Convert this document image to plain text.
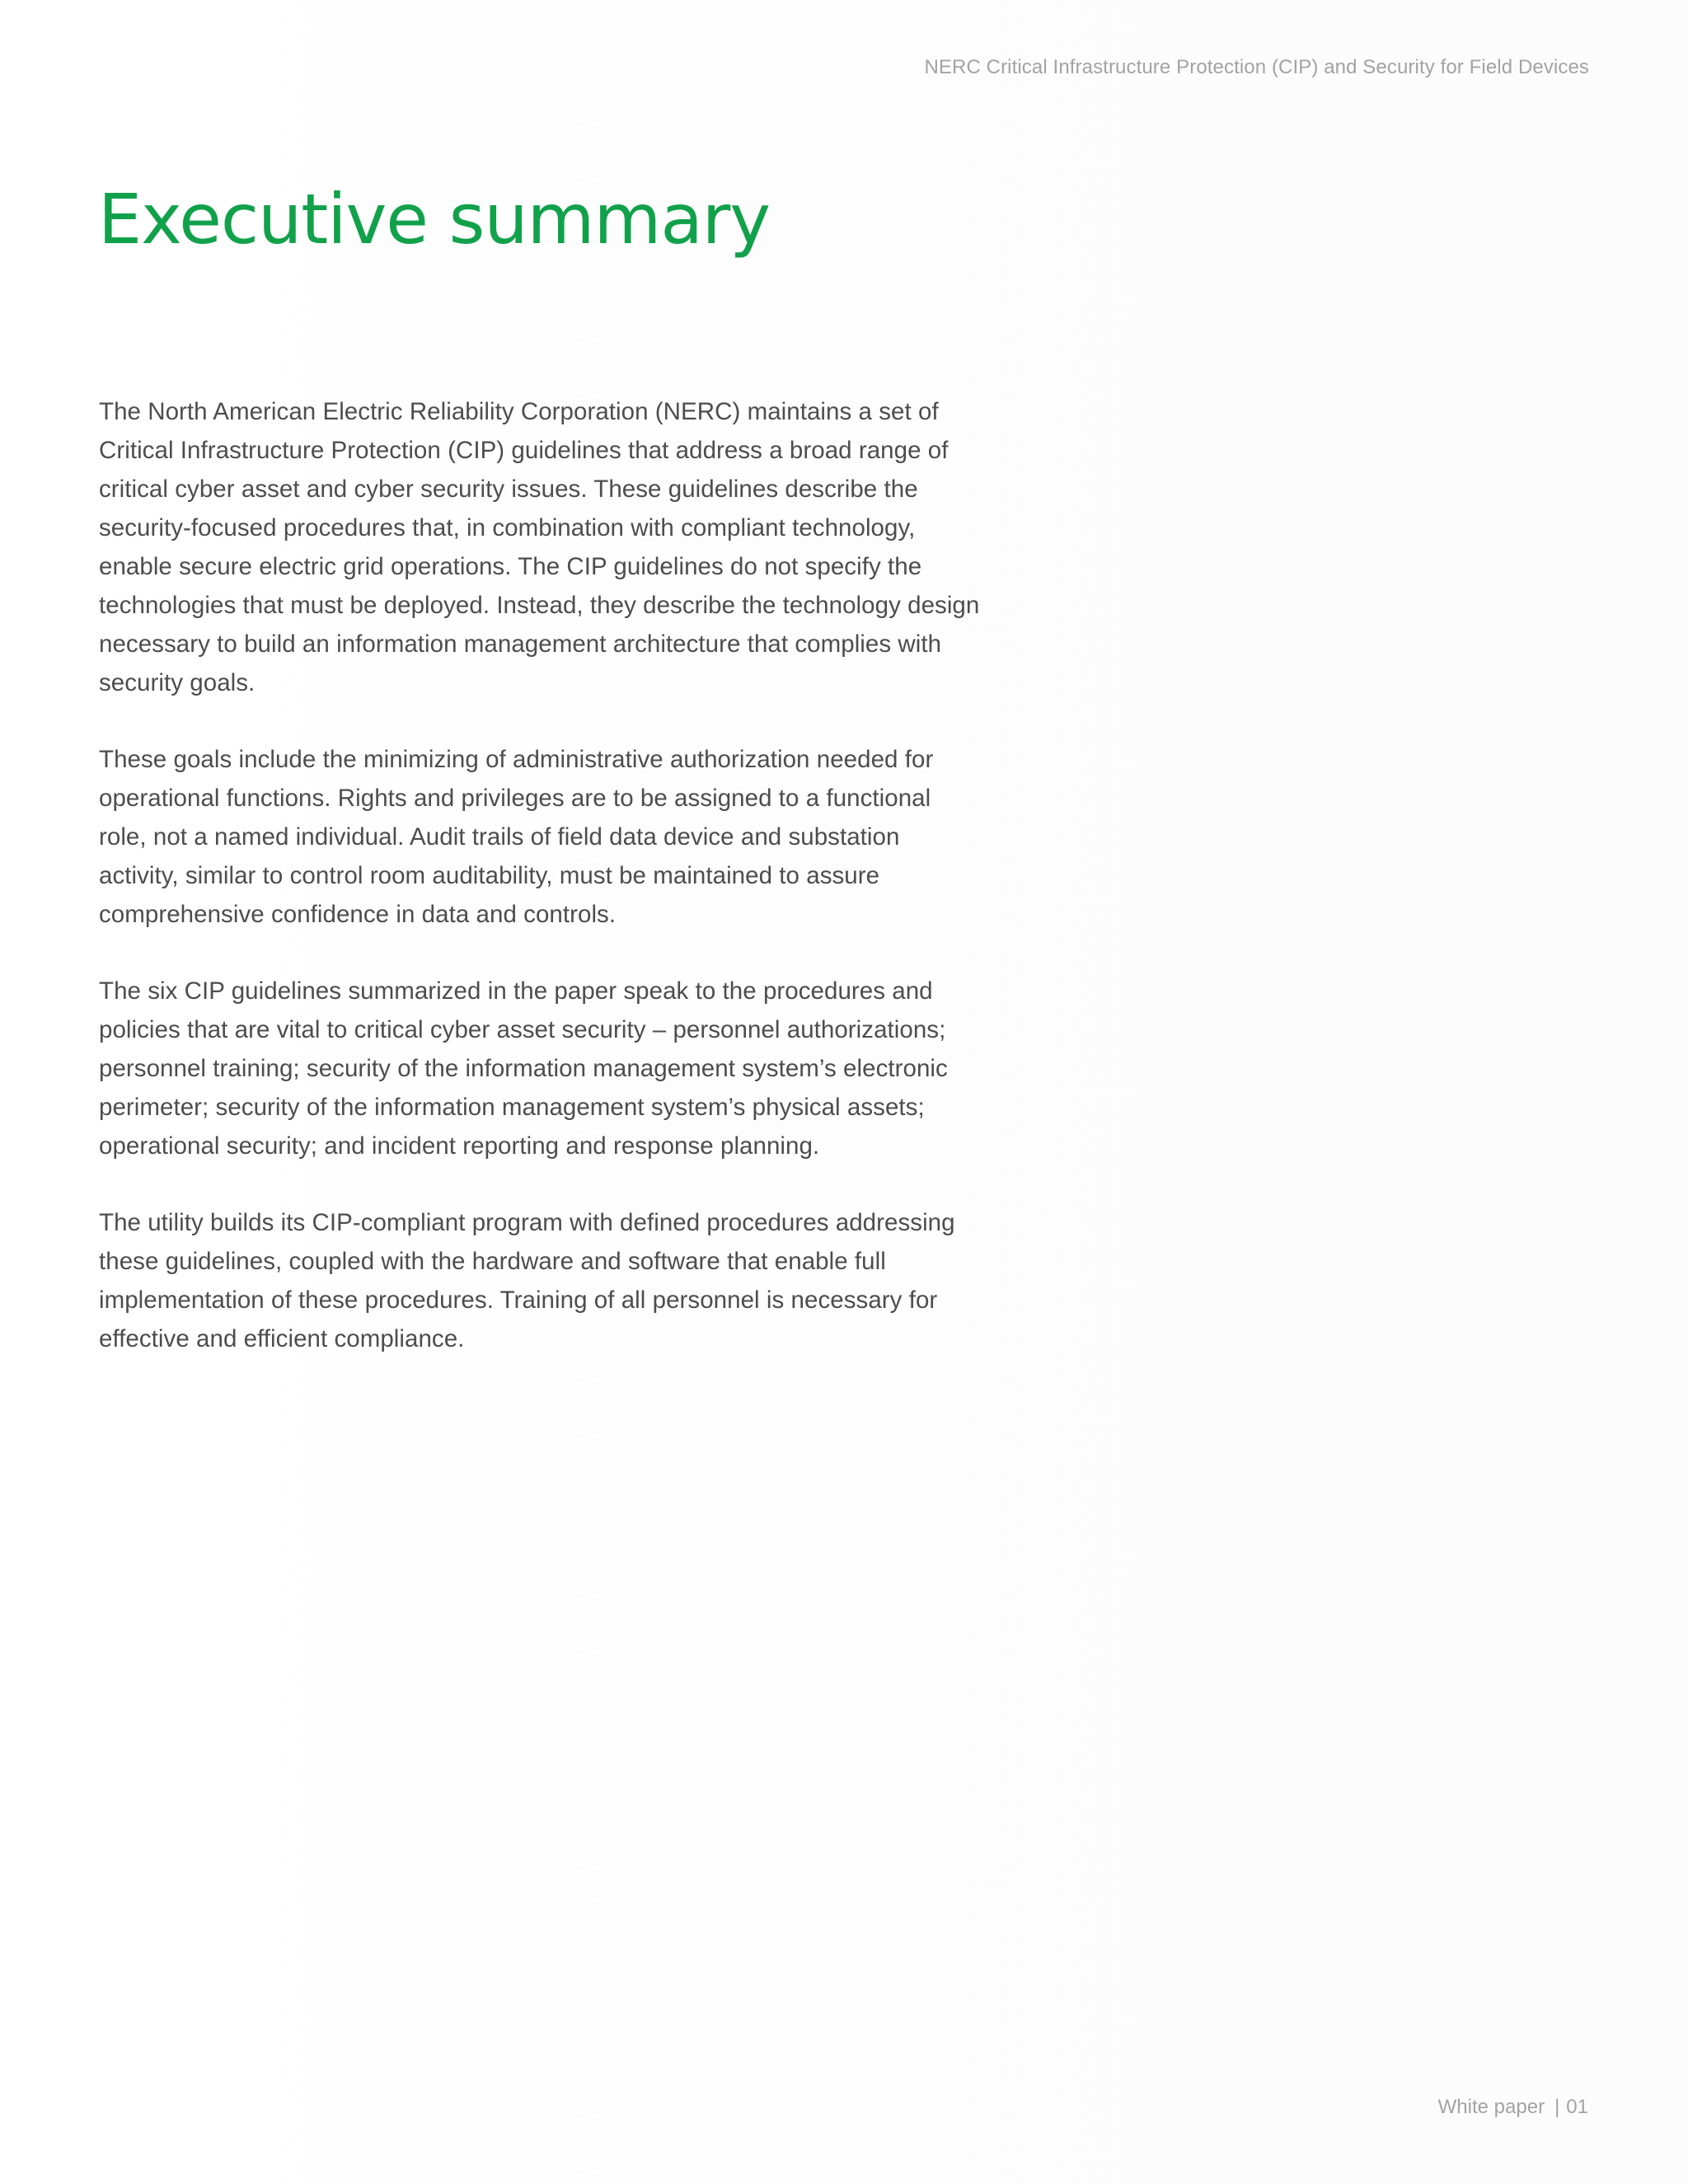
NERC Critical Infrastructure Protection (CIP) and Security for Field Devices
Executive summary

The North American Electric Reliability Corporation (NERC) maintains a set of Critical Infrastructure Protection (CIP) guidelines that address a broad range of critical cyber asset and cyber security issues. These guidelines describe the security-focused procedures that, in combination with compliant technology, enable secure electric grid operations. The CIP guidelines do not specify the technologies that must be deployed. Instead, they describe the technology design necessary to build an information management architecture that complies with security goals.

These goals include the minimizing of administrative authorization needed for operational functions. Rights and privileges are to be assigned to a functional role, not a named individual. Audit trails of field data device and substation activity, similar to control room auditability, must be maintained to assure comprehensive confidence in data and controls.

The six CIP guidelines summarized in the paper speak to the procedures and policies that are vital to critical cyber asset security – personnel authorizations; personnel training; security of the information management system’s electronic perimeter; security of the information management system’s physical assets; operational security; and incident reporting and response planning.

The utility builds its CIP-compliant program with defined procedures addressing these guidelines, coupled with the hardware and software that enable full implementation of these procedures. Training of all personnel is necessary for effective and efficient compliance.

White paper | 01
